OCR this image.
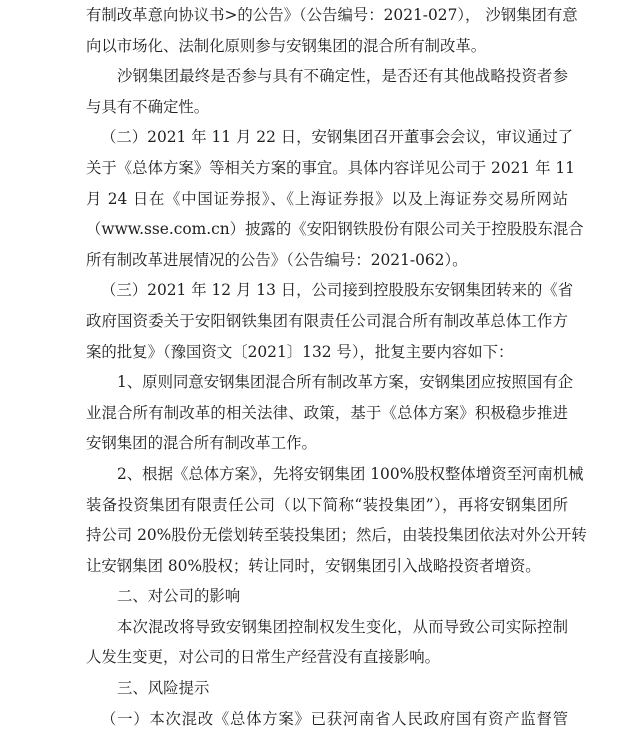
有制改革意向协议书>的公告》（公告编号：2021-027）， 沙钢集团有意
向以市场化、法制化原则参与安钢集团的混合所有制改革。
沙钢集团最终是否参与具有不确定性，是否还有其他战略投资者参
与具有不确定性。
（二）2021 年 11 月 22 日，安钢集团召开董事会会议，审议通过了
关于《总体方案》等相关方案的事宜。具体内容详见公司于 2021 年 11
月 24 日在《中国证券报》、《上海证券报》以及上海证券交易所网站
（www.sse.com.cn）披露的《安阳钢铁股份有限公司关于控股股东混合
所有制改革进展情况的公告》（公告编号：2021-062）。
（三）2021 年 12 月 13 日，公司接到控股股东安钢集团转来的《省
政府国资委关于安阳钢铁集团有限责任公司混合所有制改革总体工作方
案的批复》（豫国资文〔2021〕132 号），批复主要内容如下：
1、原则同意安钢集团混合所有制改革方案，安钢集团应按照国有企
业混合所有制改革的相关法律、政策，基于《总体方案》积极稳步推进
安钢集团的混合所有制改革工作。
2、根据《总体方案》，先将安钢集团 100%股权整体增资至河南机械
装备投资集团有限责任公司（以下简称“装投集团”），再将安钢集团所
持公司 20%股份无偿划转至装投集团；然后，由装投集团依法对外公开转
让安钢集团 80%股权；转让同时，安钢集团引入战略投资者增资。
二、对公司的影响
本次混改将导致安钢集团控制权发生变化，从而导致公司实际控制
人发生变更，对公司的日常生产经营没有直接影响。
三、风险提示
（一）本次混改《总体方案》已获河南省人民政府国有资产监督管
